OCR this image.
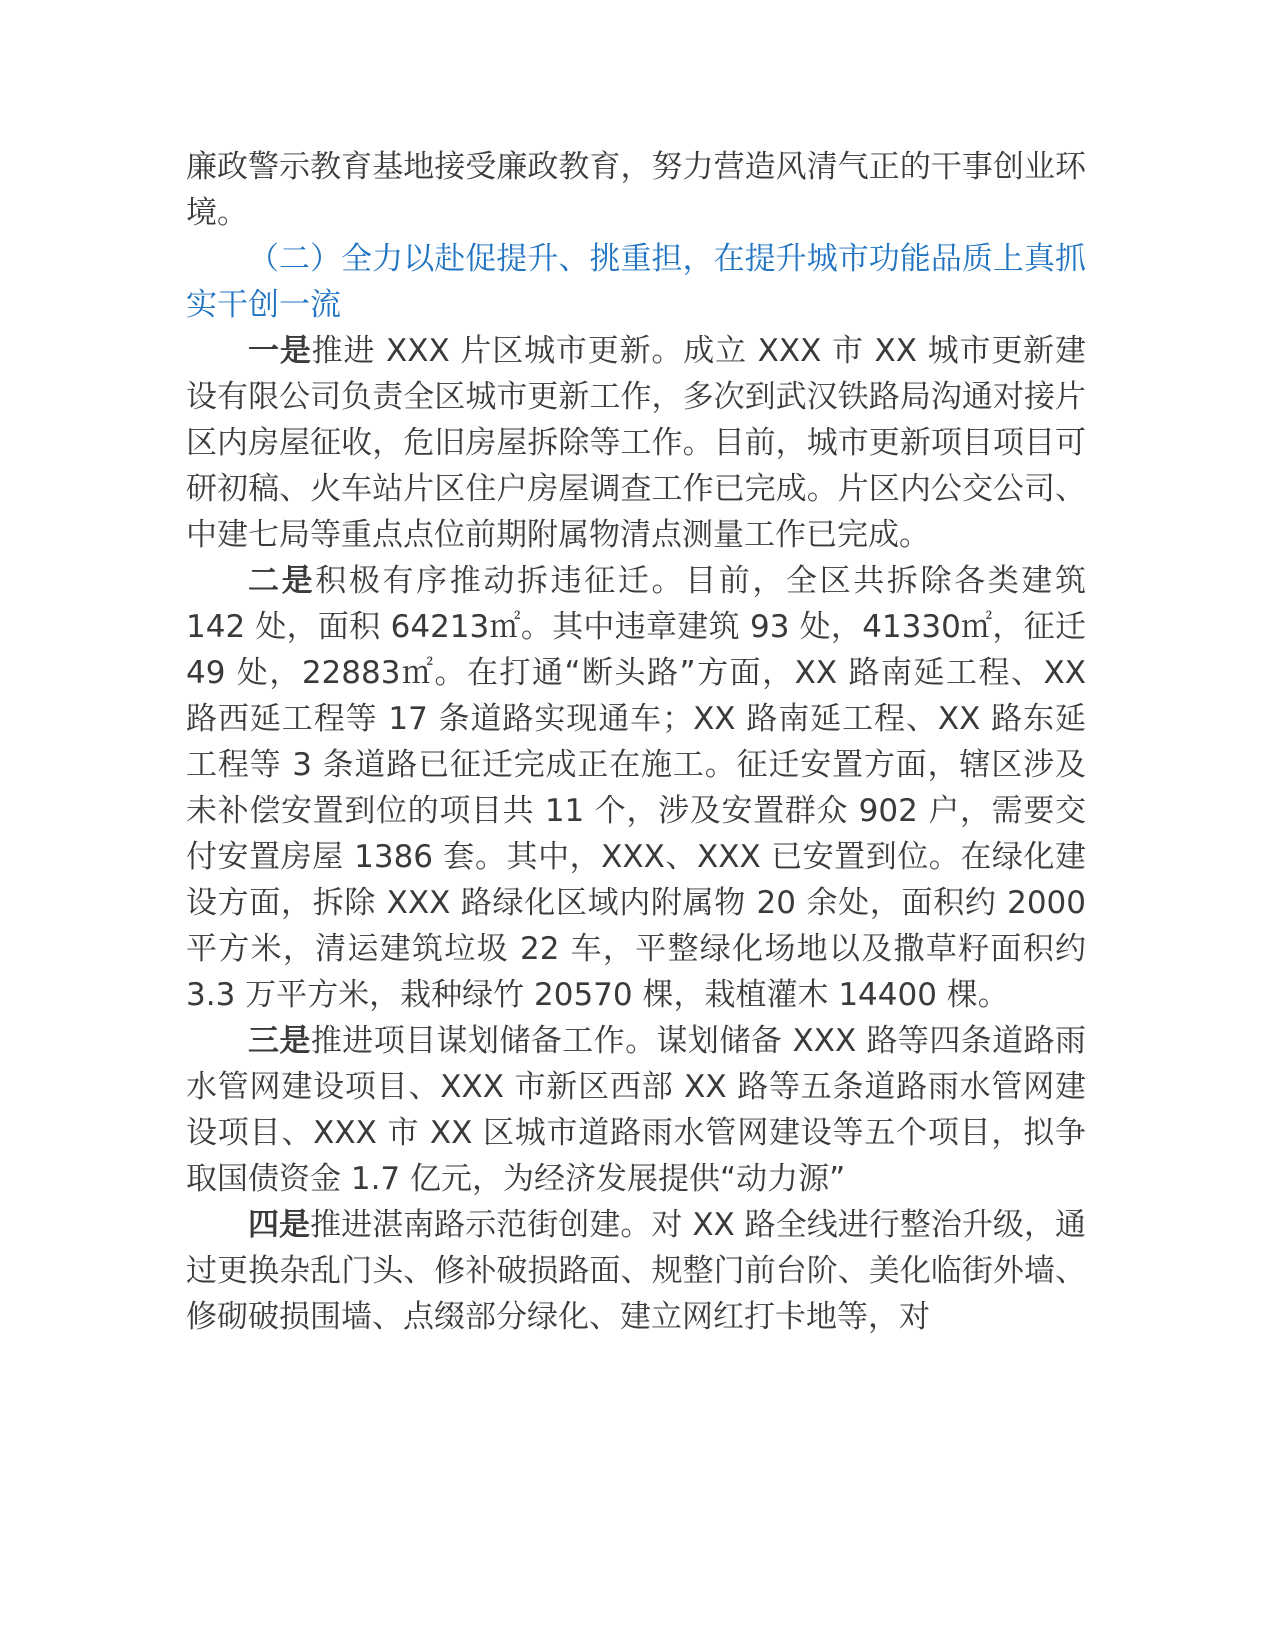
廉政警示教育基地接受廉政教育，努力营造风清气正的干事创业环境。

（二）全力以赴促提升、挑重担，在提升城市功能品质上真抓实干创一流

一是推进 XXX 片区城市更新。成立 XXX 市 XX 城市更新建设有限公司负责全区城市更新工作，多次到武汉铁路局沟通对接片区内房屋征收，危旧房屋拆除等工作。目前，城市更新项目项目可研初稿、火车站片区住户房屋调查工作已完成。片区内公交公司、中建七局等重点点位前期附属物清点测量工作已完成。

二是积极有序推动拆违征迁。目前，全区共拆除各类建筑 142 处，面积 64213㎡。其中违章建筑 93 处，41330㎡，征迁 49 处，22883㎡。在打通“断头路”方面，XX 路南延工程、XX 路西延工程等 17 条道路实现通车；XX 路南延工程、XX 路东延工程等 3 条道路已征迁完成正在施工。征迁安置方面，辖区涉及未补偿安置到位的项目共 11 个，涉及安置群众 902 户，需要交付安置房屋 1386 套。其中，XXX、XXX 已安置到位。在绿化建设方面，拆除 XXX 路绿化区域内附属物 20 余处，面积约 2000 平方米，清运建筑垃圾 22 车，平整绿化场地以及撒草籽面积约 3.3 万平方米，栽种绿竹 20570 棵，栽植灌木 14400 棵。

三是推进项目谋划储备工作。谋划储备 XXX 路等四条道路雨水管网建设项目、XXX 市新区西部 XX 路等五条道路雨水管网建设项目、XXX 市 XX 区城市道路雨水管网建设等五个项目，拟争取国债资金 1.7 亿元，为经济发展提供“动力源”

四是推进湛南路示范街创建。对 XX 路全线进行整治升级，通过更换杂乱门头、修补破损路面、规整门前台阶、美化临街外墙、修砌破损围墙、点缀部分绿化、建立网红打卡地等，对
